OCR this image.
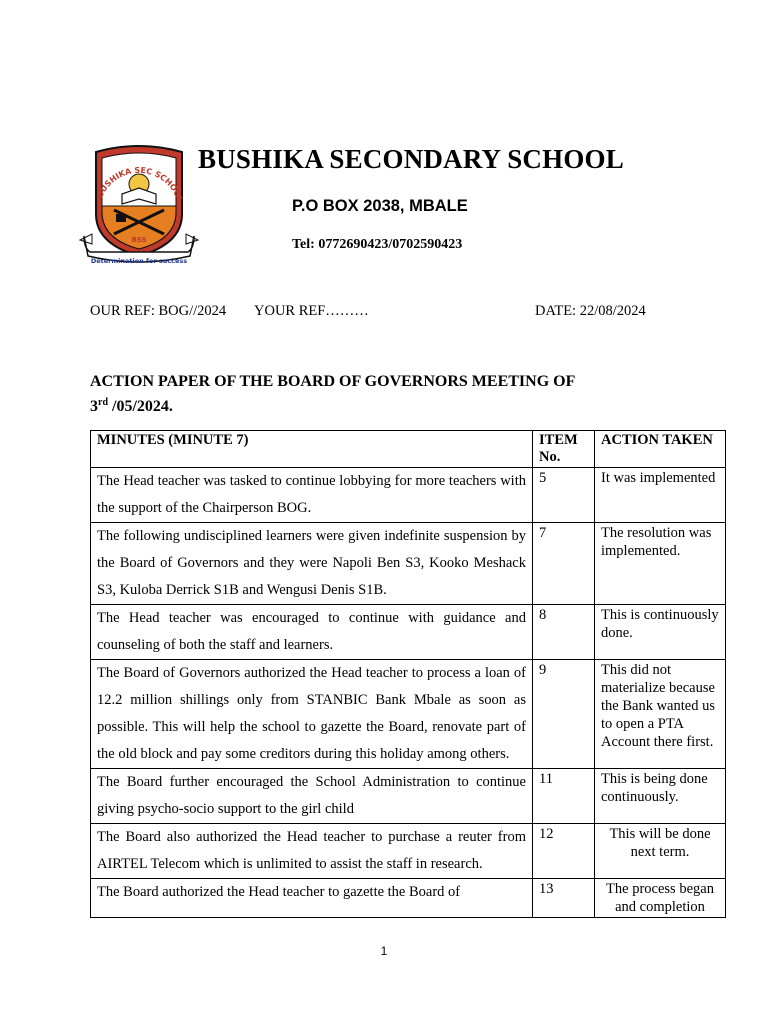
BUSHIKA SEC SCHOOL
BSS
Determination for success
BUSHIKA SECONDARY SCHOOL
P.O BOX 2038, MBALE
Tel: 0772690423/0702590423
OUR REF: BOG//2024 YOUR REF………	DATE: 22/08/2024
ACTION PAPER OF THE BOARD OF GOVERNORS MEETING OF
3rd /05/2024.
MINUTES (MINUTE 7)	ITEM No.	ACTION TAKEN
The Head teacher was tasked to continue lobbying for more teachers with the support of the Chairperson BOG.	5	It was implemented
The following undisciplined learners were given indefinite suspension by the Board of Governors and they were Napoli Ben S3, Kooko Meshack S3, Kuloba Derrick S1B and Wengusi Denis S1B.	7	The resolution was implemented.
The Head teacher was encouraged to continue with guidance and counseling of both the staff and learners.	8	This is continuously done.
The Board of Governors authorized the Head teacher to process a loan of 12.2 million shillings only from STANBIC Bank Mbale as soon as possible. This will help the school to gazette the Board, renovate part of the old block and pay some creditors during this holiday among others.	9	This did not materialize because the Bank wanted us to open a PTA Account there first.
The Board further encouraged the School Administration to continue giving psycho-socio support to the girl child	11	This is being done continuously.
The Board also authorized the Head teacher to purchase a reuter from AIRTEL Telecom which is unlimited to assist the staff in research.	12	This will be done next term.
The Board authorized the Head teacher to gazette the Board of	13	The process began and completion
1
